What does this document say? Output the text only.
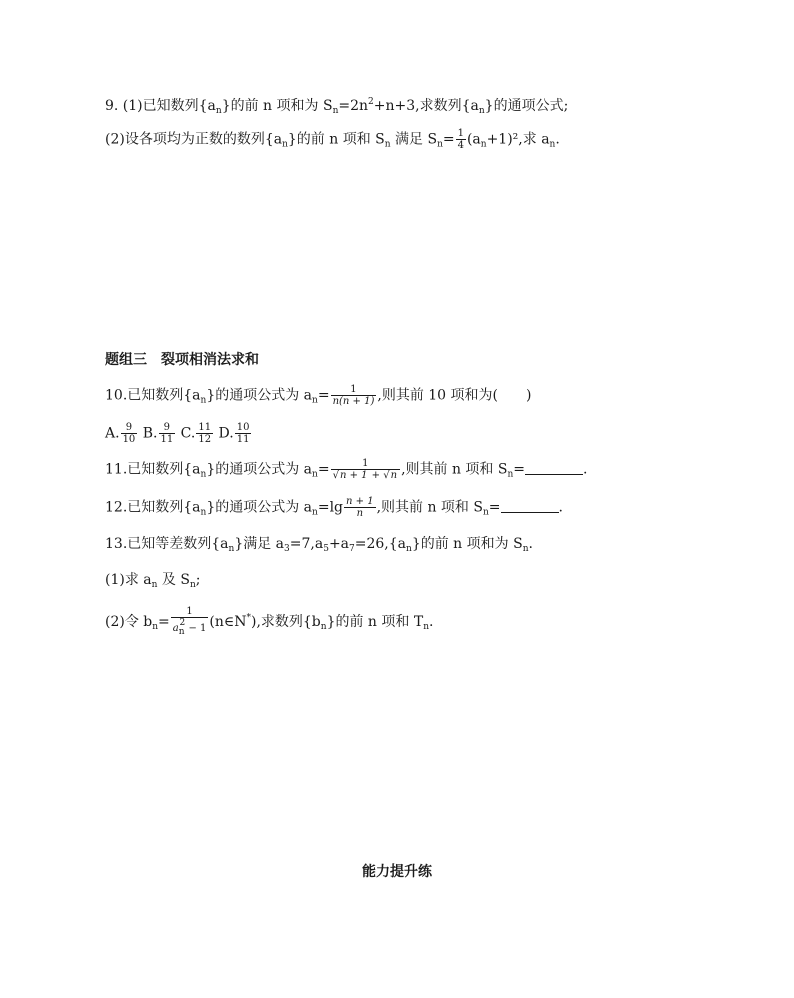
9. (1)已知数列$\{a_n\}$的前 n 项和为 $S_n=2n^2+n+3$,求数列$\{a_n\}$的通项公式;
(2)设各项均为正数的数列$\{a_n\}$的前 n 项和 $S_n$ 满足 $S_n= \frac{1}{4} (a_n+1)^2$,求 $a_n$.
题组三　裂项相消法求和
10.已知数列$\{a_n\}$的通项公式为 $a_n= \frac{1}{n(n + 1)}$ ,则其前 10 项和为(　　)
A. $\frac{9}{10} B$. $\frac{9}{11} C$. $\frac{11}{12} D$. $\frac{10}{11}$
11.已知数列$\{a_n\}$的通项公式为 $a_n= \frac{1}{√n + 1 + √n}$ ,则其前 n 项和 $S_n=$	.
12.已知数列$\{a_n\}$的通项公式为 $a_n=\lg \frac{n + 1}{n}$ ,则其前 n 项和 $S_n=$	.
13.已知等差数列$\{a_n\}$满足 $a_3=7,a_5+a_7=26,\{a_n\}$的前 n 项和为 $S_n$.
(1)求 $a_n$ 及 $S_n$;
(2)令 $b_n= \frac{1}{an2 - 1}$ (n∈N*),求数列$\{b_n\}$的前 n 项和 $T_n$.
能力提升练
